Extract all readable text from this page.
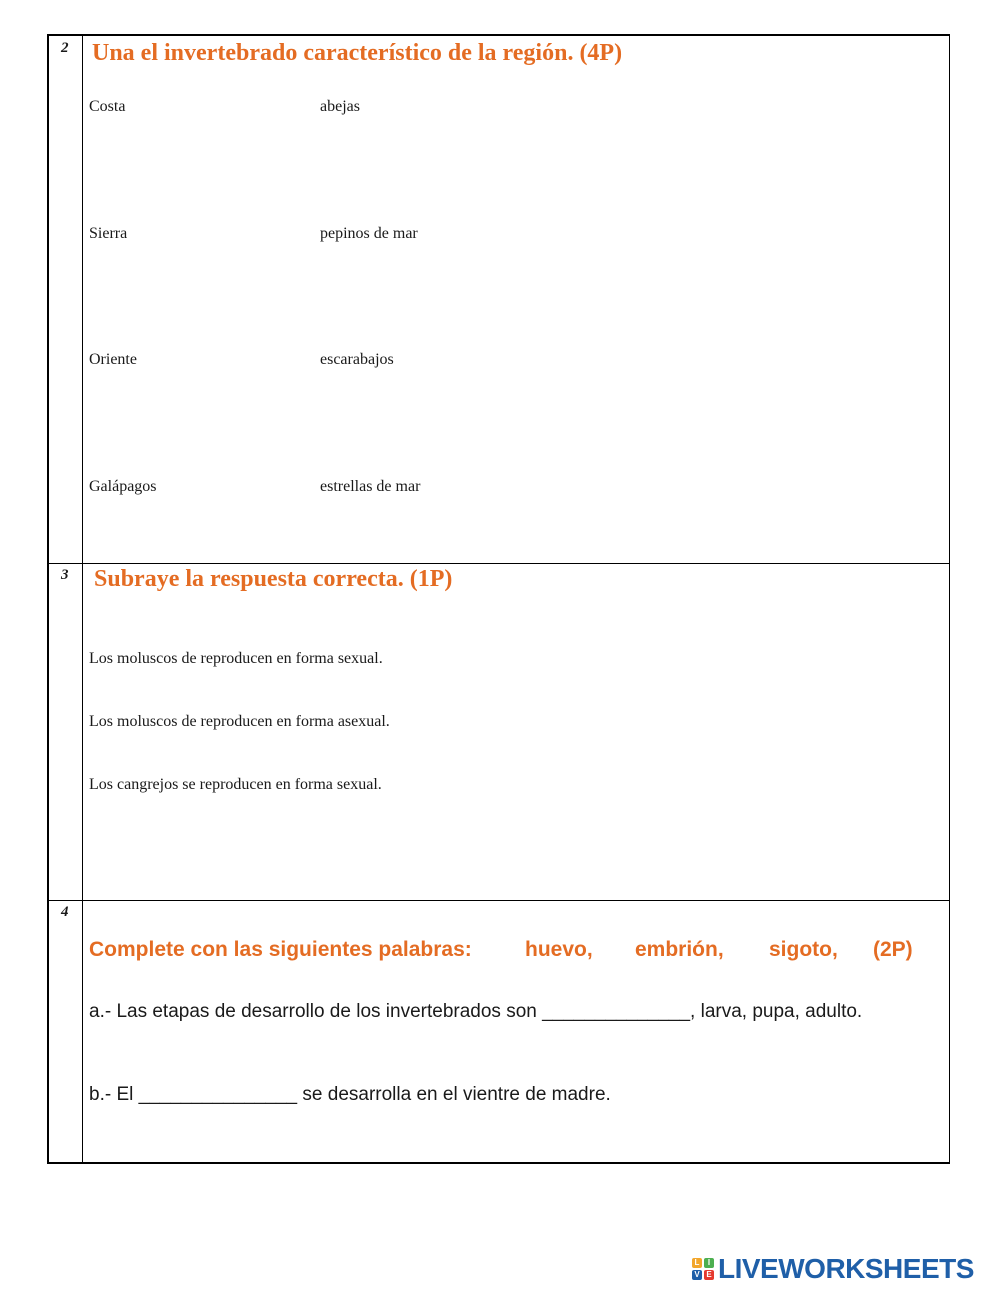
2 Una el invertebrado característico de la región. (4P)
Costa
Sierra
Oriente
Galápagos
abejas
pepinos de mar
escarabajos
estrellas de mar
3 Subraye la respuesta correcta. (1P)
Los moluscos de reproducen en forma sexual.
Los moluscos de reproducen en forma asexual.
Los cangrejos se reproducen en forma sexual.
4
Complete con las siguientes palabras:	huevo, embrión, sigoto, (2P)
a.- Las etapas de desarrollo de los invertebrados son ______________, larva, pupa, adulto.
b.- El _______________ se desarrolla en el vientre de madre.
L	I
V E LIVEWORKSHEETS
